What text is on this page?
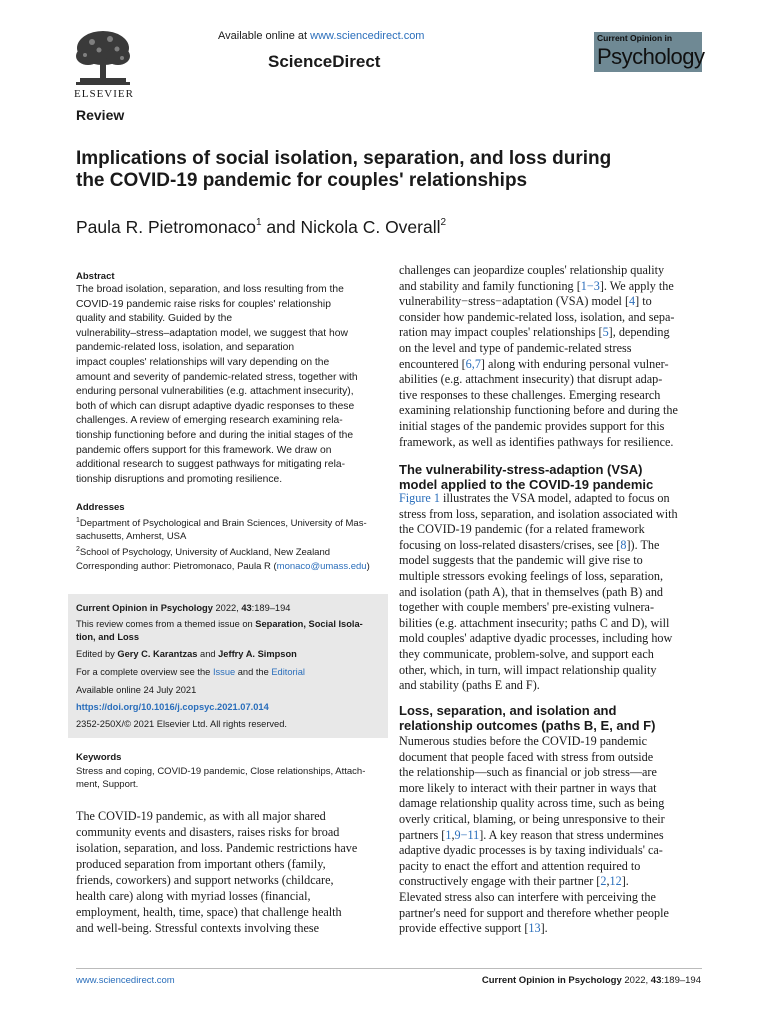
ELSEVIER
Available online at www.sciencedirect.com
ScienceDirect
Current Opinion in
Psychology
Review
Implications of social isolation, separation, and loss during the COVID-19 pandemic for couples' relationships
Paula R. Pietromonaco$^1$ and Nickola C. Overall$^2$
Abstract
The broad isolation, separation, and loss resulting from the
COVID-19 pandemic raise risks for couples' relationship
quality and stability. Guided by the
vulnerability–stress–adaptation model, we suggest that how
pandemic-related loss, isolation, and separation
impact couples' relationships will vary depending on the
amount and severity of pandemic-related stress, together with
enduring personal vulnerabilities (e.g. attachment insecurity),
both of which can disrupt adaptive dyadic responses to these
challenges. A review of emerging research examining rela-
tionship functioning before and during the initial stages of the
pandemic offers support for this framework. We draw on
additional research to suggest pathways for mitigating rela-
tionship disruptions and promoting resilience.
Addresses
$^1$Department of Psychological and Brain Sciences, University of Mas-
sachusetts, Amherst, USA
$^2$School of Psychology, University of Auckland, New Zealand
Corresponding author: Pietromonaco, Paula R (monaco@umass.edu)
Current Opinion in Psychology 2022, 43:189–194
This review comes from a themed issue on Separation, Social Isola-
tion, and Loss
Edited by Gery C. Karantzas and Jeffry A. Simpson
For a complete overview see the Issue and the Editorial
Available online 24 July 2021
https://doi.org/10.1016/j.copsyc.2021.07.014
2352-250X/© 2021 Elsevier Ltd. All rights reserved.
Keywords
Stress and coping, COVID-19 pandemic, Close relationships, Attach-
ment, Support.
The COVID-19 pandemic, as with all major shared
community events and disasters, raises risks for broad
isolation, separation, and loss. Pandemic restrictions have
produced separation from important others (family,
friends, coworkers) and support networks (childcare,
health care) along with myriad losses (financial,
employment, health, time, space) that challenge health
and well-being. Stressful contexts involving these
challenges can jeopardize couples' relationship quality
and stability and family functioning [1−3]. We apply the
vulnerability−stress−adaptation (VSA) model [4] to
consider how pandemic-related loss, isolation, and sepa-
ration may impact couples' relationships [5], depending
on the level and type of pandemic-related stress
encountered [6,7] along with enduring personal vulner-
abilities (e.g. attachment insecurity) that disrupt adap-
tive responses to these challenges. Emerging research
examining relationship functioning before and during the
initial stages of the pandemic provides support for this
framework, as well as identifies pathways for resilience.
The vulnerability-stress-adaption (VSA)
model applied to the COVID-19 pandemic
Figure 1 illustrates the VSA model, adapted to focus on
stress from loss, separation, and isolation associated with
the COVID-19 pandemic (for a related framework
focusing on loss-related disasters/crises, see [8]). The
model suggests that the pandemic will give rise to
multiple stressors evoking feelings of loss, separation,
and isolation (path A), that in themselves (path B) and
together with couple members' pre-existing vulnera-
bilities (e.g. attachment insecurity; paths C and D), will
mold couples' adaptive dyadic processes, including how
they communicate, problem-solve, and support each
other, which, in turn, will impact relationship quality
and stability (paths E and F).
Loss, separation, and isolation and
relationship outcomes (paths B, E, and F)
Numerous studies before the COVID-19 pandemic
document that people faced with stress from outside
the relationship—such as financial or job stress—are
more likely to interact with their partner in ways that
damage relationship quality across time, such as being
overly critical, blaming, or being unresponsive to their
partners [1,9−11]. A key reason that stress undermines
adaptive dyadic processes is by taxing individuals' ca-
pacity to enact the effort and attention required to
constructively engage with their partner [2,12].
Elevated stress also can interfere with perceiving the
partner's need for support and therefore whether people
provide effective support [13].
www.sciencedirect.com	Current Opinion in Psychology 2022, 43:189–194
